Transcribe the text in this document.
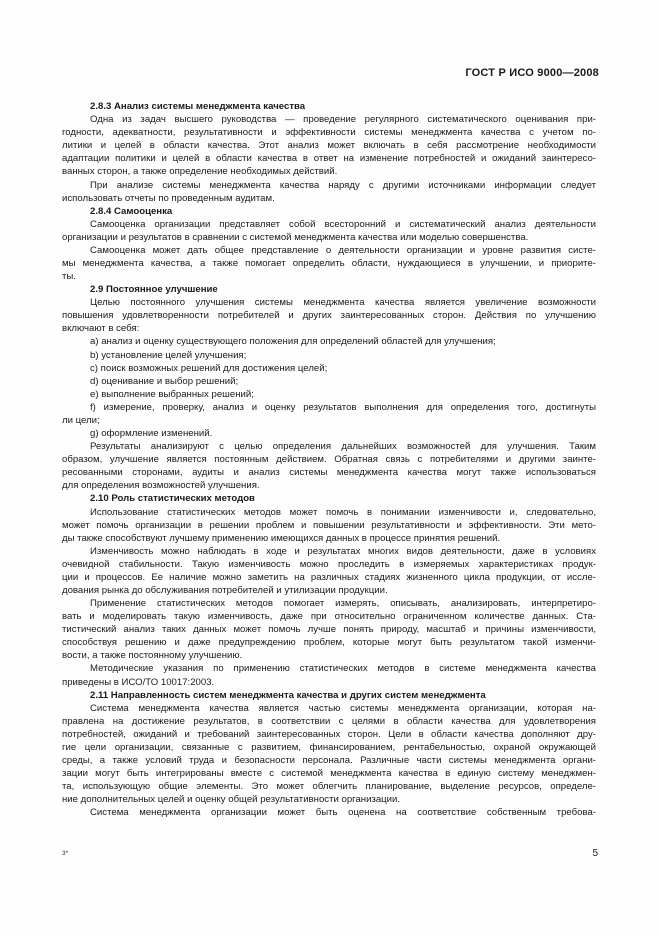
ГОСТ Р ИСО 9000—2008
2.8.3 Анализ системы менеджмента качества
Одна из задач высшего руководства — проведение регулярного систематического оценивания при-
годности, адекватности, результативности и эффективности системы менеджмента качества с учетом по-
литики и целей в области качества. Этот анализ может включать в себя рассмотрение необходимости
адаптации политики и целей в области качества в ответ на изменение потребностей и ожиданий заинтересо-
ванных сторон, а также определение необходимых действий.
При анализе системы менеджмента качества наряду с другими источниками информации следует
использовать отчеты по проведенным аудитам.
2.8.4 Самооценка
Самооценка организации представляет собой всесторонний и систематический анализ деятельности
организации и результатов в сравнении с системой менеджмента качества или моделью совершенства.
Самооценка может дать общее представление о деятельности организации и уровне развития систе-
мы менеджмента качества, а также помогает определить области, нуждающиеся в улучшении, и приорите-
ты.
2.9 Постоянное улучшение
Целью постоянного улучшения системы менеджмента качества является увеличение возможности
повышения удовлетворенности потребителей и других заинтересованных сторон. Действия по улучшению
включают в себя:
а) анализ и оценку существующего положения для определений областей для улучшения;
b) установление целей улучшения;
c) поиск возможных решений для достижения целей;
d) оценивание и выбор решений;
e) выполнение выбранных решений;
f) измерение, проверку, анализ и оценку результатов выполнения для определения того, достигнуты
ли цели;
g) оформление изменений.
Результаты анализируют с целью определения дальнейших возможностей для улучшения. Таким
образом, улучшение является постоянным действием. Обратная связь с потребителями и другими заинте-
ресованными сторонами, аудиты и анализ системы менеджмента качества могут также использоваться
для определения возможностей улучшения.
2.10 Роль статистических методов
Использование статистических методов может помочь в понимании изменчивости и, следовательно,
может помочь организации в решении проблем и повышении результативности и эффективности. Эти мето-
ды также способствуют лучшему применению имеющихся данных в процессе принятия решений.
Изменчивость можно наблюдать в ходе и результатах многих видов деятельности, даже в условиях
очевидной стабильности. Такую изменчивость можно проследить в измеряемых характеристиках продук-
ции и процессов. Ее наличие можно заметить на различных стадиях жизненного цикла продукции, от иссле-
дования рынка до обслуживания потребителей и утилизации продукции.
Применение статистических методов помогает измерять, описывать, анализировать, интерпретиро-
вать и моделировать такую изменчивость, даже при относительно ограниченном количестве данных. Ста-
тистический анализ таких данных может помочь лучше понять природу, масштаб и причины изменчивости,
способствуя решению и даже предупреждению проблем, которые могут быть результатом такой изменчи-
вости, а также постоянному улучшению.
Методические указания по применению статистических методов в системе менеджмента качества
приведены в ИСО/ТО 10017:2003.
2.11 Направленность систем менеджмента качества и других систем менеджмента
Система менеджмента качества является частью системы менеджмента организации, которая на-
правлена на достижение результатов, в соответствии с целями в области качества для удовлетворения
потребностей, ожиданий и требований заинтересованных сторон. Цели в области качества дополняют дру-
гие цели организации, связанные с развитием, финансированием, рентабельностью, охраной окружающей
среды, а также условий труда и безопасности персонала. Различные части системы менеджмента органи-
зации могут быть интегрированы вместе с системой менеджмента качества в единую систему менеджмен-
та, использующую общие элементы. Это может облегчить планирование, выделение ресурсов, определе-
ние дополнительных целей и оценку общей результативности организации.
Система менеджмента организации может быть оценена на соответствие собственным требова-
3*	5
